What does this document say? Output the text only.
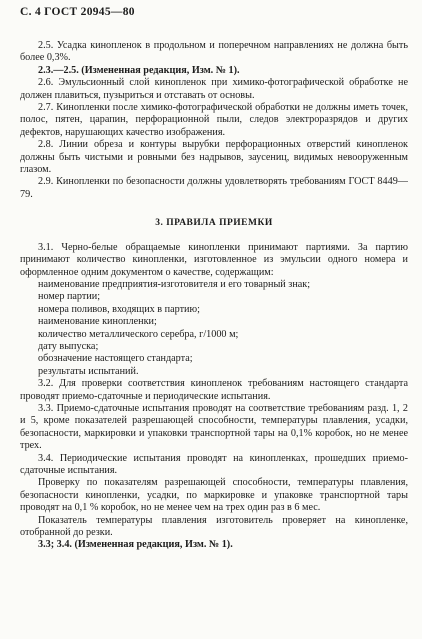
С. 4 ГОСТ 20945—80

2.5. Усадка кинопленок в продольном и поперечном направлениях не должна быть более 0,3%.

2.3.—2.5. (Измененная редакция, Изм. № 1).

2.6. Эмульсионный слой кинопленок при химико-фотографической обработке не должен плавиться, пузыриться и отставать от основы.

2.7. Кинопленки после химико-фотографической обработки не должны иметь точек, полос, пятен, царапин, перфорационной пыли, следов электроразрядов и других дефектов, нарушающих качество изображения.

2.8. Линии обреза и контуры вырубки перфорационных отверстий кинопленок должны быть чистыми и ровными без надрывов, заусениц, видимых невооруженным глазом.

2.9. Кинопленки по безопасности должны удовлетворять требованиям ГОСТ 8449—79.

3. ПРАВИЛА ПРИЕМКИ

3.1. Черно-белые обращаемые кинопленки принимают партиями. За партию принимают количество кинопленки, изготовленное из эмульсии одного номера и оформленное одним документом о качестве, содержащим:

наименование предприятия-изготовителя и его товарный знак;

номер партии;

номера поливов, входящих в партию;

наименование кинопленки;

количество металлического серебра, г/1000 м;

дату выпуска;

обозначение настоящего стандарта;

результаты испытаний.

3.2. Для проверки соответствия кинопленок требованиям настоящего стандарта проводят приемо-сдаточные и периодические испытания.

3.3. Приемо-сдаточные испытания проводят на соответствие требованиям разд. 1, 2 и 5, кроме показателей разрешающей способности, температуры плавления, усадки, безопасности, маркировки и упаковки транспортной тары на 0,1% коробок, но не менее трех.

3.4. Периодические испытания проводят на кинопленках, прошедших приемо-сдаточные испытания.

Проверку по показателям разрешающей способности, температуры плавления, безопасности кинопленки, усадки, по маркировке и упаковке транспортной тары проводят на 0,1 % коробок, но не менее чем на трех один раз в 6 мес.

Показатель температуры плавления изготовитель проверяет на кинопленке, отобранной до резки.

3.3; 3.4. (Измененная редакция, Изм. № 1).
